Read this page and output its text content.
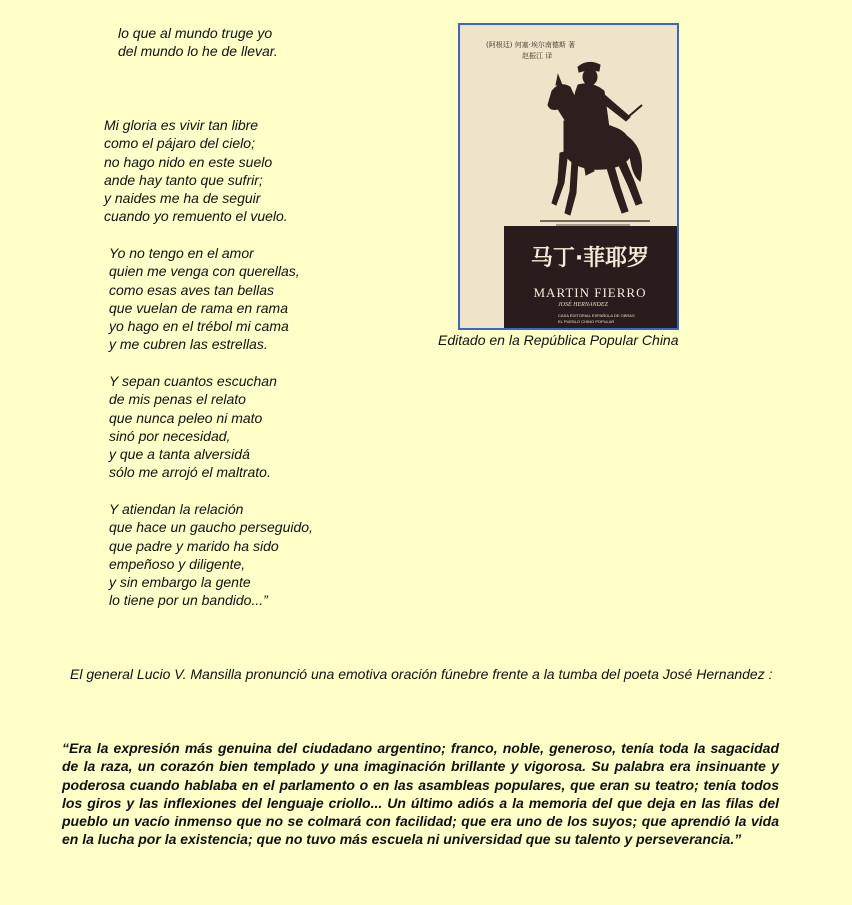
lo que al mundo truge yo
del mundo lo he de llevar.
Mi gloria es vivir tan libre
como el pájaro del cielo;
no hago nido en este suelo
ande hay tanto que sufrir;
y naides me ha de seguir
cuando yo remuento el vuelo.
Yo no tengo en el amor
quien me venga con querellas,
como esas aves tan bellas
que vuelan de rama en rama
yo hago en el trébol mi cama
y me cubren las estrellas.
Y sepan cuantos escuchan
de mis penas el relato
que nunca peleo ni mato
sinó por necesidad,
y que a tanta alversidá
sólo me arrojó el maltrato.
Y atiendan la relación
que hace un gaucho perseguido,
que padre y marido ha sido
empeñoso y diligente,
y sin embargo la gente
lo tiene por un bandido...”
(阿根廷) 何塞·埃尔南德斯 著
赵振江 译
马丁·菲耶罗
MARTIN FIERRO
JOSÉ HERNANDEZ
CASA EDITORIAL ESPAÑOLA DE OBRAS
EL PUEBLO CHINO POPULAR
Editado en la República Popular China

El general Lucio V. Mansilla pronunció una emotiva oración fúnebre frente a la tumba del poeta José Hernandez :

“Era la expresión más genuina del ciudadano argentino; franco, noble, generoso, tenía toda la sagacidad de la raza, un corazón bien templado y una imaginación brillante y vigorosa. Su palabra era insinuante y poderosa cuando hablaba en el parlamento o en las asambleas populares, que eran su teatro; tenía todos los giros y las inflexiones del lenguaje criollo... Un último adiós a la memoria del que deja en las filas del pueblo un vacío inmenso que no se colmará con facilidad; que era uno de los suyos; que aprendió la vida en la lucha por la existencia; que no tuvo más escuela ni universidad que su talento y perseverancia.”
